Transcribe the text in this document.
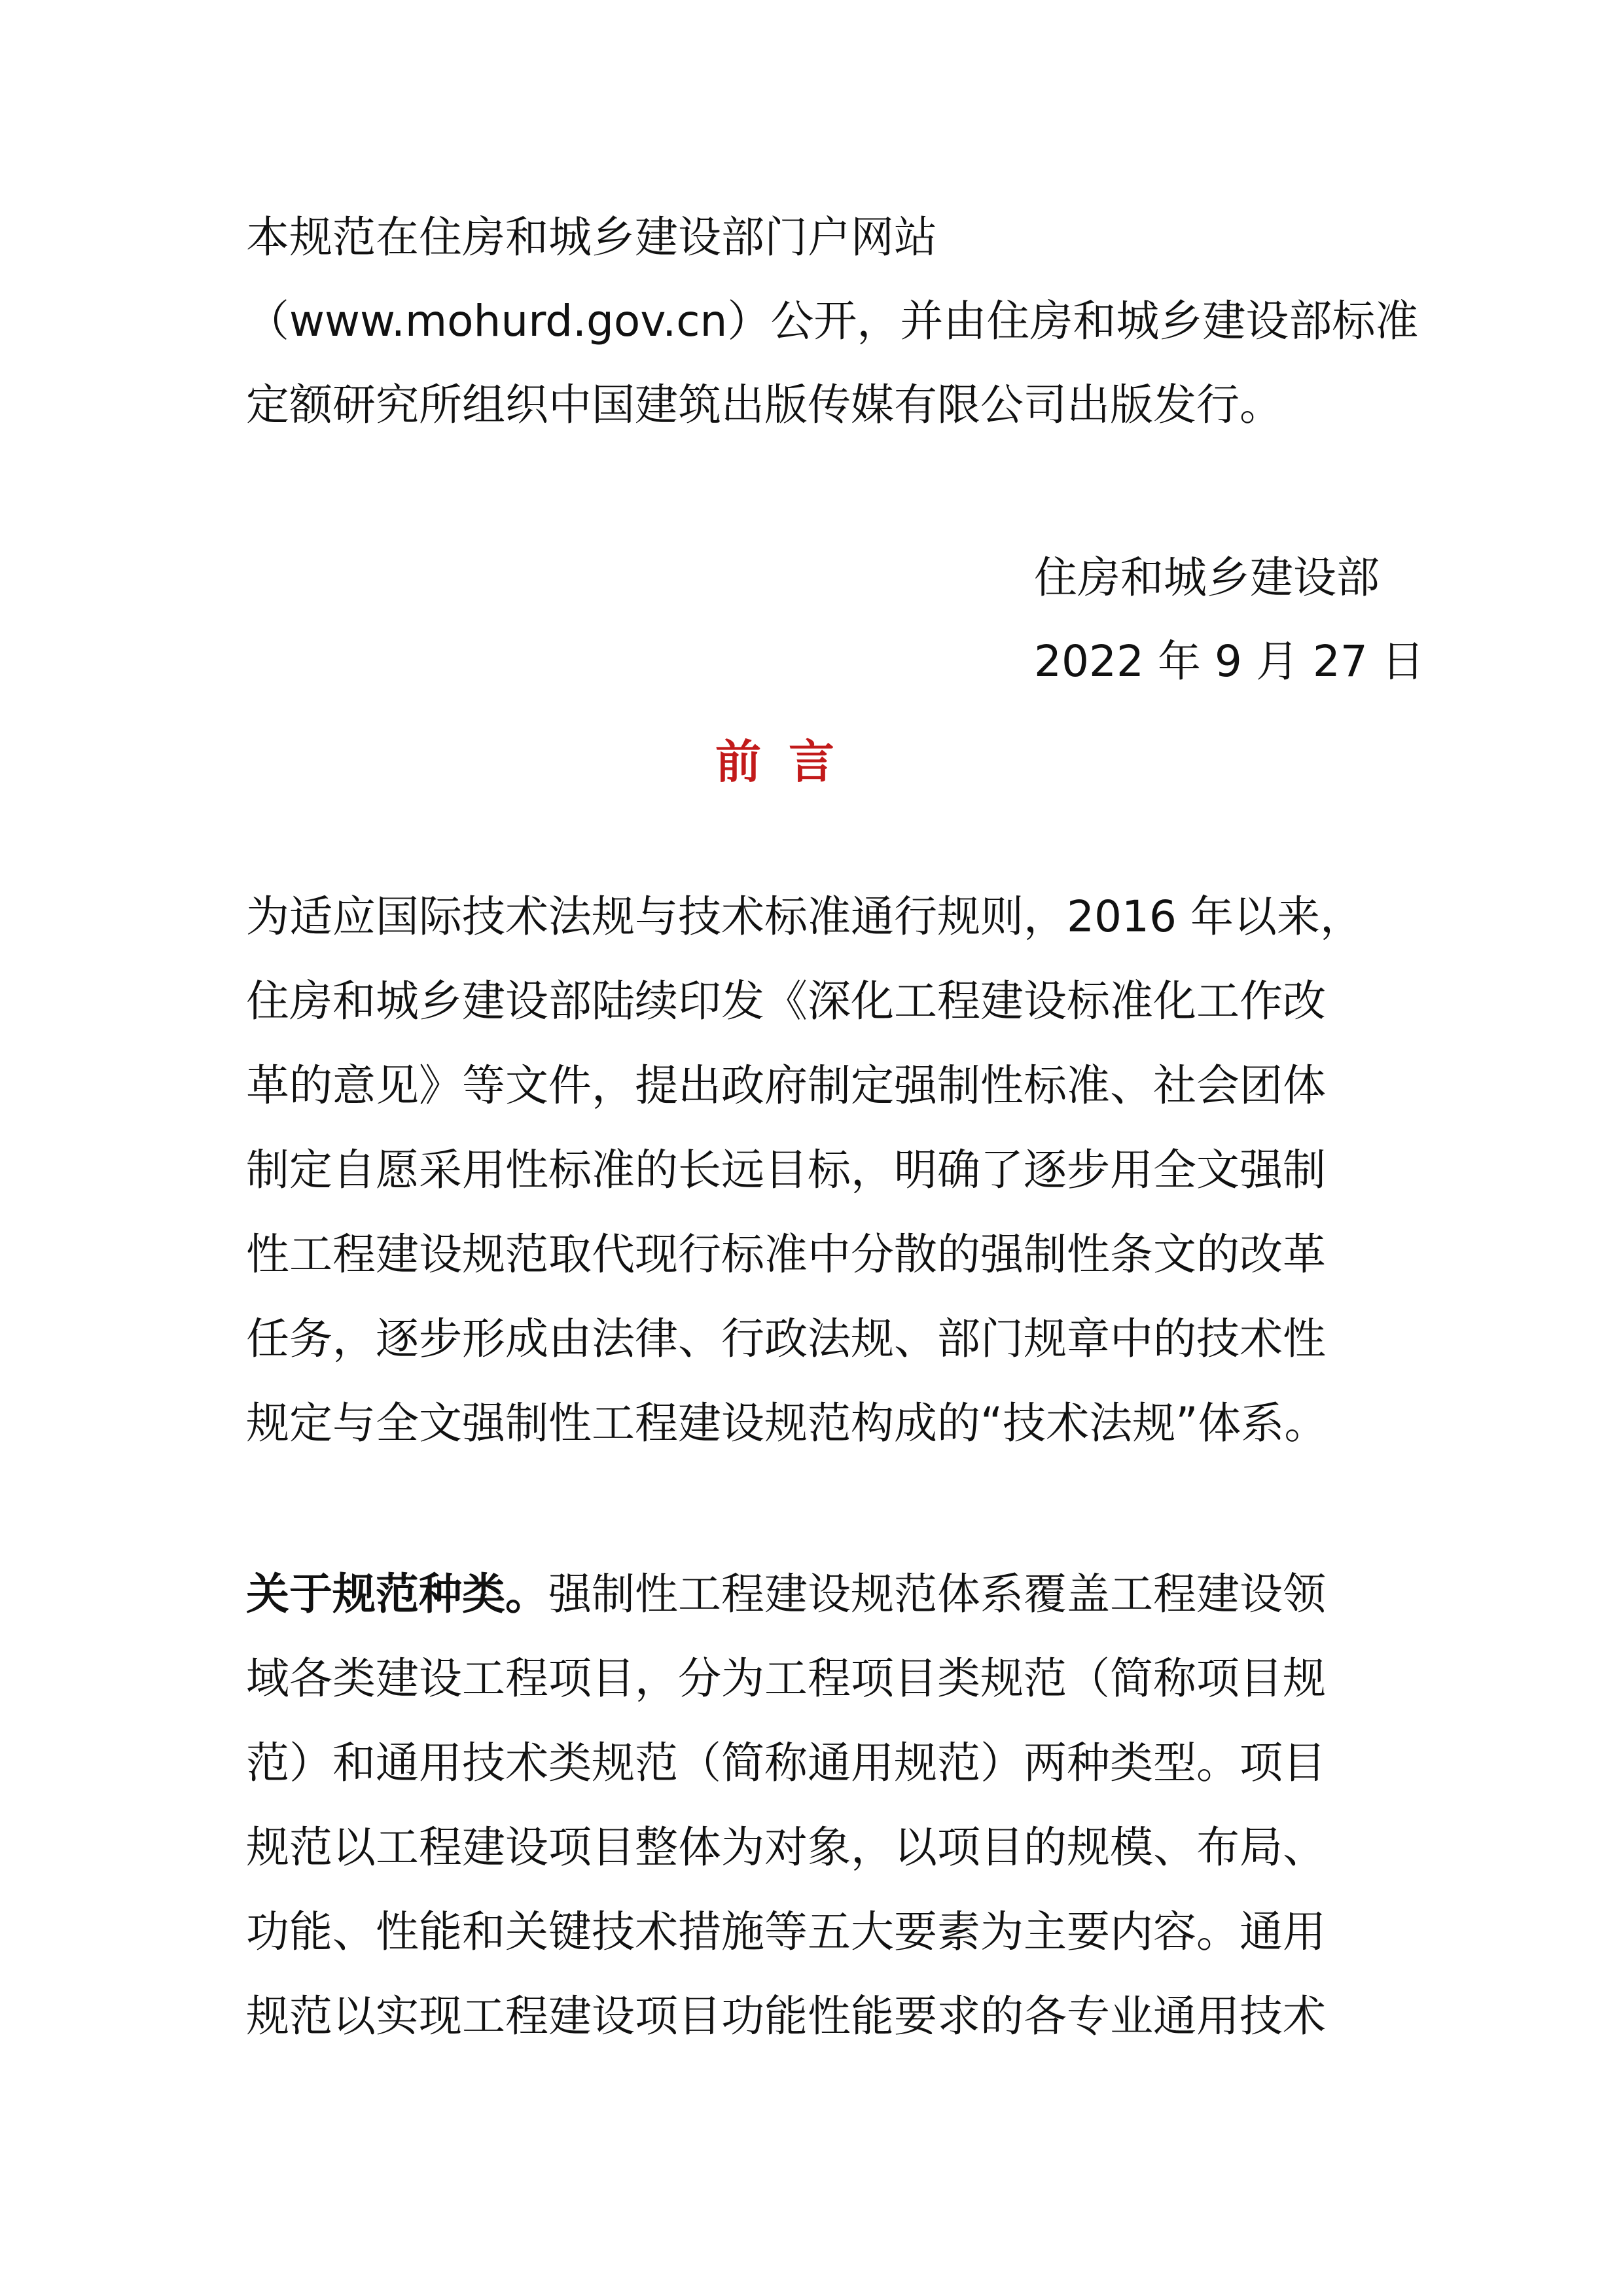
本规范在住房和城乡建设部门户网站
（www.mohurd.gov.cn）公开，并由住房和城乡建设部标准
定额研究所组织中国建筑出版传媒有限公司出版发行。
住房和城乡建设部
2022 年 9 月 27 日
前言
为适应国际技术法规与技术标准通行规则，2016 年以来，
住房和城乡建设部陆续印发《深化工程建设标准化工作改
革的意见》等文件，提出政府制定强制性标准、社会团体
制定自愿采用性标准的长远目标，明确了逐步用全文强制
性工程建设规范取代现行标准中分散的强制性条文的改革
任务，逐步形成由法律、行政法规、部门规章中的技术性
规定与全文强制性工程建设规范构成的“技术法规”体系。
关于规范种类。强制性工程建设规范体系覆盖工程建设领
域各类建设工程项目，分为工程项目类规范（简称项目规
范）和通用技术类规范（简称通用规范）两种类型。项目
规范以工程建设项目整体为对象，以项目的规模、布局、
功能、性能和关键技术措施等五大要素为主要内容。通用
规范以实现工程建设项目功能性能要求的各专业通用技术
